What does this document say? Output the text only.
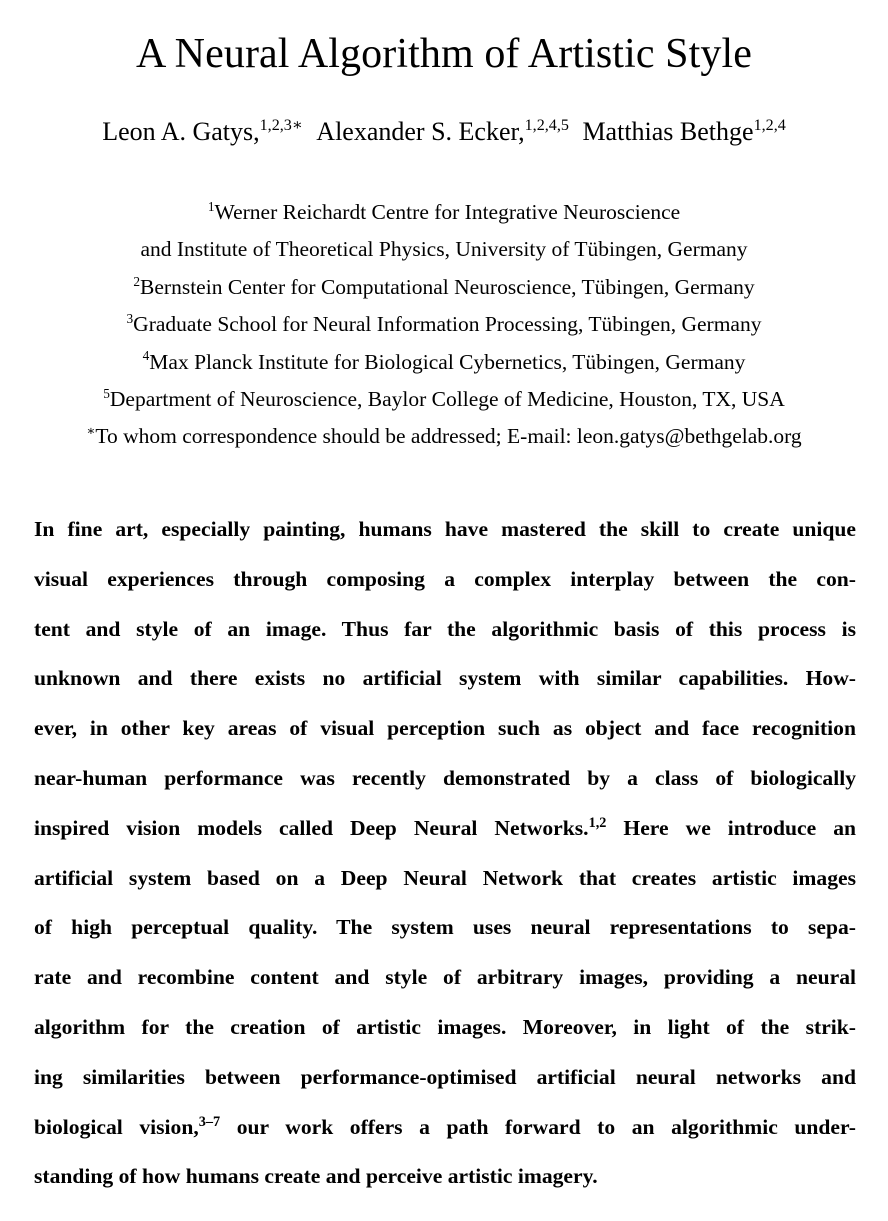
A Neural Algorithm of Artistic Style
Leon A. Gatys,$^{1,2,3∗}$ Alexander S. Ecker,$^{1,2,4,5}$ Matthias Bethge$^{1,2,4}$
$^1$Werner Reichardt Centre for Integrative Neuroscience
and Institute of Theoretical Physics, University of Tübingen, Germany
$^2$Bernstein Center for Computational Neuroscience, Tübingen, Germany
$^3$Graduate School for Neural Information Processing, Tübingen, Germany
$^4$Max Planck Institute for Biological Cybernetics, Tübingen, Germany
$^5$Department of Neuroscience, Baylor College of Medicine, Houston, TX, USA
∗To whom correspondence should be addressed; E-mail: leon.gatys@bethgelab.org
In fine art, especially painting, humans have mastered the skill to create unique
visual experiences through composing a complex interplay between the con-
tent and style of an image. Thus far the algorithmic basis of this process is
unknown and there exists no artificial system with similar capabilities. How-
ever, in other key areas of visual perception such as object and face recognition
near-human performance was recently demonstrated by a class of biologically
inspired vision models called Deep Neural Networks.$^{1,2}$ Here we introduce an
artificial system based on a Deep Neural Network that creates artistic images
of high perceptual quality. The system uses neural representations to sepa-
rate and recombine content and style of arbitrary images, providing a neural
algorithm for the creation of artistic images. Moreover, in light of the strik-
ing similarities between performance-optimised artificial neural networks and
biological vision,$^{3-7}$ our work offers a path forward to an algorithmic under-
standing of how humans create and perceive artistic imagery.
